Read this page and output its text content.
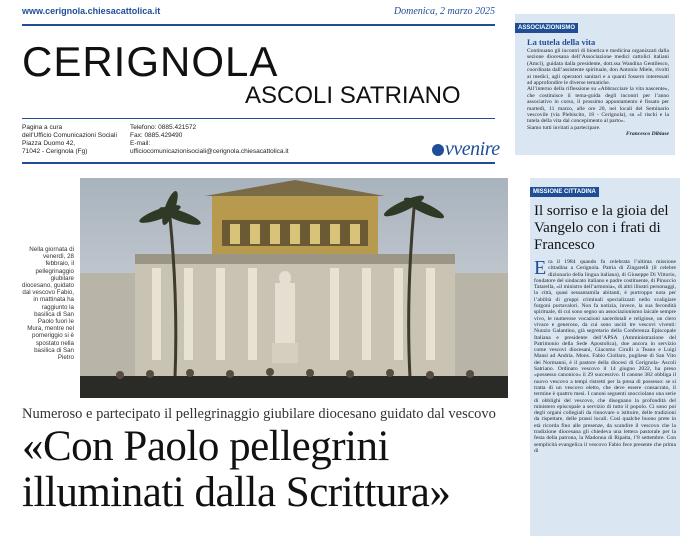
www.cerignola.chiesacattolica.it	Domenica, 2 marzo 2025
CERIGNOLA
ASCOLI SATRIANO
Pagina a cura
dell’Ufficio Comunicazioni Sociali
Piazza Duomo 42,
71042 - Cerignola (Fg)
Telefono: 0885.421572
Fax: 0885.429490
E-mail:
ufficiocomunicazionisociali@cerignola.chiesacattolica.it	vvenire
ASSOCIAZIONISMO
La tutela della vita

Continuano gli incontri di bioetica e medicina organizzati dalla sezione diocesana dell’Associazione medici cattolici italiani (Amci), guidata dalla presidente, dott.ssa Wandina Gentilesco, coordinata dall’assistente spirituale, don Antonio Miele, rivolti ai medici, agli operatori sanitari e a quanti fossero interessati ad approfondire le diverse tematiche.

All’interno della riflessione su «Abbracciare la vita nascente», che costituisce il tema-guida degli incontri per l’anno associativo in corso, il prossimo appuntamento è fissato per martedì, 11 marzo, alle ore 20, nei locali del Seminario vescovile (via Plebiscito, 18 - Cerignola), su «I rischi e la tutela della vita dal concepimento al parto».

Siamo tutti invitati a partecipare.

Francesco Dibiase

Nella giornata di venerdì, 28 febbraio, il pellegrinaggio giubilare diocesano, guidato dal vescovo Fabio, in mattinata ha raggiunto la basilica di San Paolo fuori le Mura, mentre nel pomeriggio si è spostato nella basilica di San Pietro
Numeroso e partecipato il pellegrinaggio giubilare diocesano guidato dal vescovo
«Con Paolo pellegrini illuminati dalla Scrittura»
MISSIONE CITTADINA
Il sorriso e la gioia del Vangelo con i frati di Francesco

Era il 1984 quando fu celebrata l’ultima missione cittadina a Cerignola. Patria di Zingarelli (il celebre dizionario della lingua italiana), di Giuseppe Di Vittorio, fondatore del sindacato italiano e padre costituente, di Pinuccio Tatarella, «il ministro dell’armonia», di altri illustri personaggi, la città, quasi sessantamila abitanti, è purtroppo nota per l’abilità di gruppi criminali specializzati nello svaligiare furgoni portavalori. Non fa notizia, invece, la sua fecondità spirituale, di cui sono segno un associazionismo laicale sempre vivo, le numerose vocazioni sacerdotali e religiose, un clero vivace e generoso, da cui sono usciti tre vescovi viventi: Nunzio Galantino, già segretario della Conferenza Episcopale Italiana e presidente dell’APSA (Amministrazione del Patrimonio della Sede Apostolica), due ancora in servizio come vescovi diocesani, Giacomo Cirulli a Teano e Luigi Mansi ad Andria. Mons. Fabio Ciollaro, pugliese di San Vito dei Normanni, è il pastore della diocesi di Cerignola- Ascoli Satriano. Ordinato vescovo il 14 giugno 2022, ha preso «possesso canonico» il 29 successivo. Il canone 382 obbliga il nuovo vescovo a tempi ristretti per la presa di possesso: se si tratta di un vescovo eletto, che deve essere consacrato, il termine è quattro mesi. I canoni seguenti snocciolano una serie di obblighi del vescovo, che disegnano la profondità del ministero episcopale a servizio di tutto il popolo. Ci sono poi degli organi collegiali da rinnovare o istituire, delle tradizioni da rispettare, delle prassi locali. Così qualche buono prete in età ricorda fino alle presenze, da scandire il vescovo che la tradizione diocesana gli chiedeva una lettera pastorale per la festa della patrona, la Madonna di Ripalta, l’8 settembre. Con semplicità evangelica il vescovo Fabio fece presente che prima di
